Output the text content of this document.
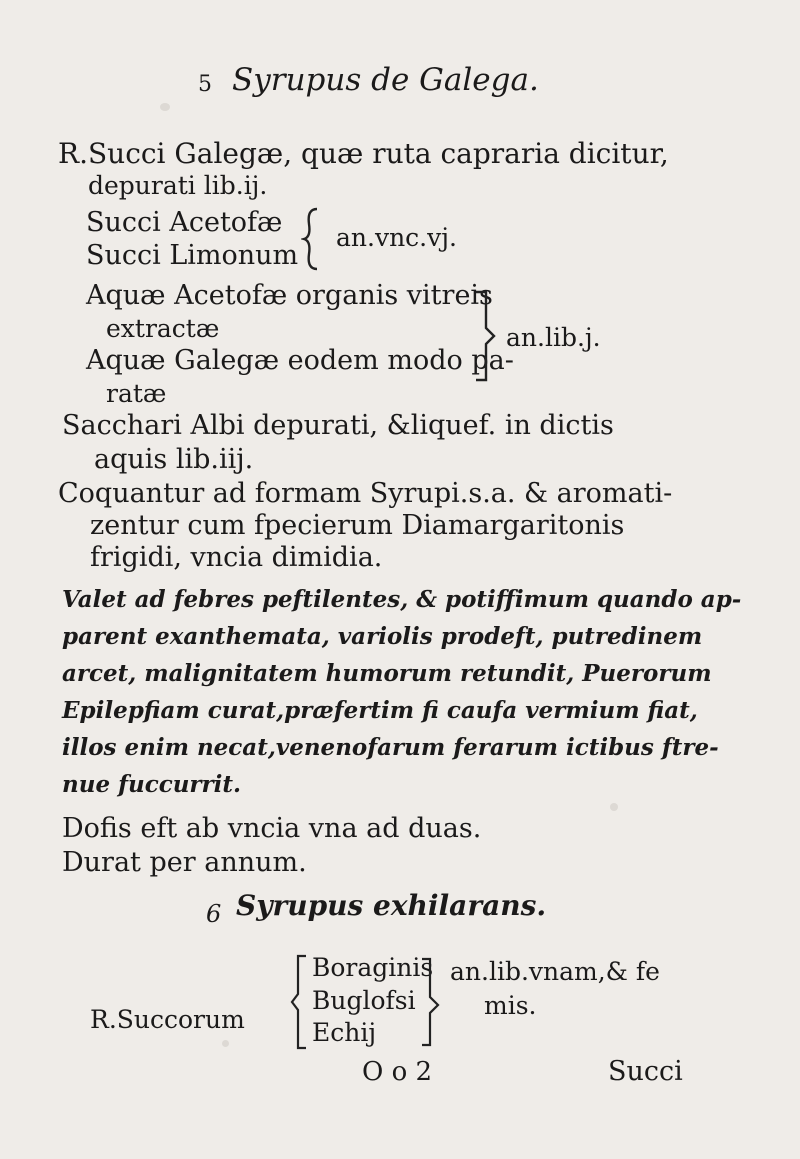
5 Syrupus de Galega.
R.Succi Galegæ, quæ ruta capraria dicitur,
depurati lib.ij.
Succi Acetofæ
Succi Limonum
an.vnc.vj.
Aquæ Acetofæ organis vitreis
extractæ
Aquæ Galegæ eodem modo pa-
ratæ
an.lib.j.
Sacchari Albi depurati, &liquef. in dictis
aquis lib.iij.
Coquantur ad formam Syrupi.s.a. & aromati-
zentur cum fpecierum Diamargaritonis
frigidi, vncia dimidia.
Valet ad febres peftilentes, & potiffimum quando ap-
parent exanthemata, variolis prodeft, putredinem
arcet, malignitatem humorum retundit, Puerorum
Epilepfiam curat,præfertim fi caufa vermium fiat,
illos enim necat,venenofarum ferarum ictibus ftre-
nue fuccurrit.
Dofis eft ab vncia vna ad duas.
Durat per annum.
6 Syrupus exhilarans.
R.Succorum
Boraginis
Buglofsi
Echij
an.lib.vnam,& fe
mis.
O o 2	Succi
